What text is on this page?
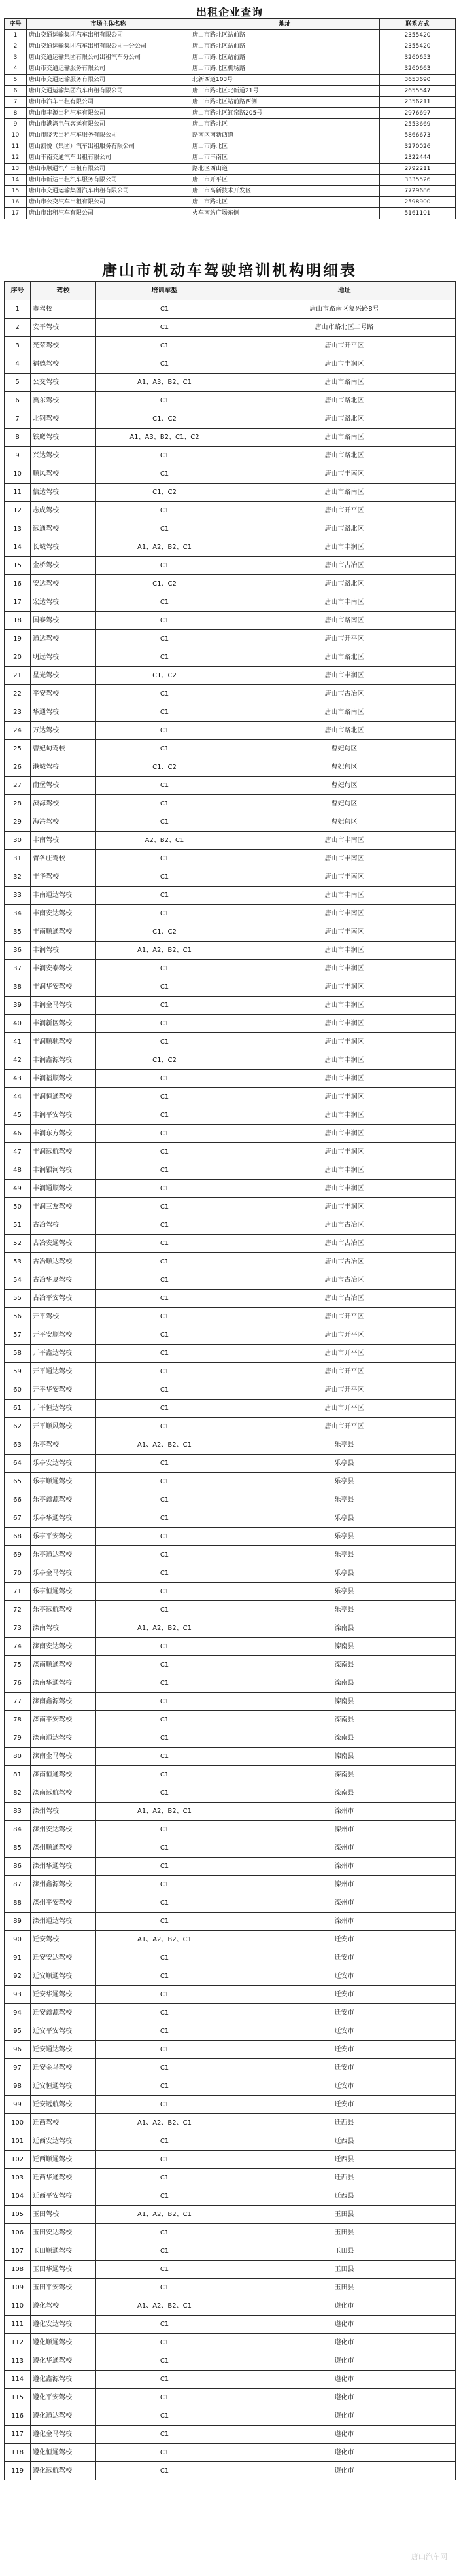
出租企业查询
序号	市场主体名称	地址	联系方式
1	唐山交通运输集团汽车出租有限公司	唐山市路北区站前路	2355420
2	唐山交通运输集团汽车出租有限公司一分公司	唐山市路北区站前路	2355420
3	唐山交通运输集团有限公司出租汽车分公司	唐山市路北区站前路	3260653
4	唐山市交通运输服务有限公司	唐山市路北区机场路	3260663
5	唐山市交通运输服务有限公司	北新西道103号	3653690
6	唐山交通运输集团汽车出租有限公司	唐山市路北区北新道21号	2655547
7	唐山市汽车出租有限公司	唐山市路北区站前路西侧	2356211
8	唐山市丰源出租汽车有限公司	唐山市路北区缸窑路205号	2976697
9	唐山市港湾电气客运有限公司	唐山市路北区	2553669
10	唐山市晓天出租汽车服务有限公司	路南区南新西道	5866673
11	唐山凯悦（集团）汽车出租服务有限公司	唐山市路北区	3270026
12	唐山丰南交通汽车出租有限公司	唐山市丰南区	2322444
13	唐山市顺通汽车出租有限公司	路北区西山道	2792211
14	唐山市新达出租汽车服务有限公司	唐山市开平区	3335526
15	唐山市交通运输集团汽车出租有限公司	唐山市高新技术开发区	7729686
16	唐山市公交汽车出租有限公司	唐山市路北区	2598900
17	唐山市出租汽车有限公司	火车南站广场东侧	5161101
唐山市机动车驾驶培训机构明细表
序号	驾校	培训车型	地址
1	市驾校	C1	唐山市路南区复兴路8号
2	安平驾校	C1	唐山市路北区二号路
3	光荣驾校	C1	唐山市开平区
4	福德驾校	C1	唐山市丰润区
5	公交驾校	A1、A3、B2、C1	唐山市路南区
6	冀东驾校	C1	唐山市路北区
7	北钢驾校	C1、C2	唐山市路北区
8	铁鹰驾校	A1、A3、B2、C1、C2	唐山市路南区
9	兴达驾校	C1	唐山市路北区
10	顺风驾校	C1	唐山市丰南区
11	信达驾校	C1、C2	唐山市路南区
12	志成驾校	C1	唐山市开平区
13	远通驾校	C1	唐山市路北区
14	长城驾校	A1、A2、B2、C1	唐山市丰润区
15	金桥驾校	C1	唐山市古冶区
16	安达驾校	C1、C2	唐山市路北区
17	宏达驾校	C1	唐山市丰南区
18	国泰驾校	C1	唐山市路南区
19	通达驾校	C1	唐山市开平区
20	明远驾校	C1	唐山市路北区
21	星光驾校	C1、C2	唐山市丰润区
22	平安驾校	C1	唐山市古冶区
23	华通驾校	C1	唐山市路南区
24	万达驾校	C1	唐山市路北区
25	曹妃甸驾校	C1	曹妃甸区
26	港城驾校	C1、C2	曹妃甸区
27	南堡驾校	C1	曹妃甸区
28	滨海驾校	C1	曹妃甸区
29	海港驾校	C1	曹妃甸区
30	丰南驾校	A2、B2、C1	唐山市丰南区
31	胥各庄驾校	C1	唐山市丰南区
32	丰华驾校	C1	唐山市丰南区
33	丰南通达驾校	C1	唐山市丰南区
34	丰南安达驾校	C1	唐山市丰南区
35	丰南顺通驾校	C1、C2	唐山市丰南区
36	丰润驾校	A1、A2、B2、C1	唐山市丰润区
37	丰润安泰驾校	C1	唐山市丰润区
38	丰润华安驾校	C1	唐山市丰润区
39	丰润金马驾校	C1	唐山市丰润区
40	丰润新区驾校	C1	唐山市丰润区
41	丰润顺驰驾校	C1	唐山市丰润区
42	丰润鑫源驾校	C1、C2	唐山市丰润区
43	丰润福顺驾校	C1	唐山市丰润区
44	丰润恒通驾校	C1	唐山市丰润区
45	丰润平安驾校	C1	唐山市丰润区
46	丰润东方驾校	C1	唐山市丰润区
47	丰润远航驾校	C1	唐山市丰润区
48	丰润银河驾校	C1	唐山市丰润区
49	丰润通顺驾校	C1	唐山市丰润区
50	丰润三友驾校	C1	唐山市丰润区
51	古冶驾校	C1	唐山市古冶区
52	古冶安通驾校	C1	唐山市古冶区
53	古冶顺达驾校	C1	唐山市古冶区
54	古冶华夏驾校	C1	唐山市古冶区
55	古冶平安驾校	C1	唐山市古冶区
56	开平驾校	C1	唐山市开平区
57	开平安顺驾校	C1	唐山市开平区
58	开平鑫达驾校	C1	唐山市开平区
59	开平通达驾校	C1	唐山市开平区
60	开平华安驾校	C1	唐山市开平区
61	开平恒达驾校	C1	唐山市开平区
62	开平顺风驾校	C1	唐山市开平区
63	乐亭驾校	A1、A2、B2、C1	乐亭县
64	乐亭安达驾校	C1	乐亭县
65	乐亭顺通驾校	C1	乐亭县
66	乐亭鑫源驾校	C1	乐亭县
67	乐亭华通驾校	C1	乐亭县
68	乐亭平安驾校	C1	乐亭县
69	乐亭通达驾校	C1	乐亭县
70	乐亭金马驾校	C1	乐亭县
71	乐亭恒通驾校	C1	乐亭县
72	乐亭远航驾校	C1	乐亭县
73	滦南驾校	A1、A2、B2、C1	滦南县
74	滦南安达驾校	C1	滦南县
75	滦南顺通驾校	C1	滦南县
76	滦南华通驾校	C1	滦南县
77	滦南鑫源驾校	C1	滦南县
78	滦南平安驾校	C1	滦南县
79	滦南通达驾校	C1	滦南县
80	滦南金马驾校	C1	滦南县
81	滦南恒通驾校	C1	滦南县
82	滦南远航驾校	C1	滦南县
83	滦州驾校	A1、A2、B2、C1	滦州市
84	滦州安达驾校	C1	滦州市
85	滦州顺通驾校	C1	滦州市
86	滦州华通驾校	C1	滦州市
87	滦州鑫源驾校	C1	滦州市
88	滦州平安驾校	C1	滦州市
89	滦州通达驾校	C1	滦州市
90	迁安驾校	A1、A2、B2、C1	迁安市
91	迁安安达驾校	C1	迁安市
92	迁安顺通驾校	C1	迁安市
93	迁安华通驾校	C1	迁安市
94	迁安鑫源驾校	C1	迁安市
95	迁安平安驾校	C1	迁安市
96	迁安通达驾校	C1	迁安市
97	迁安金马驾校	C1	迁安市
98	迁安恒通驾校	C1	迁安市
99	迁安远航驾校	C1	迁安市
100	迁西驾校	A1、A2、B2、C1	迁西县
101	迁西安达驾校	C1	迁西县
102	迁西顺通驾校	C1	迁西县
103	迁西华通驾校	C1	迁西县
104	迁西平安驾校	C1	迁西县
105	玉田驾校	A1、A2、B2、C1	玉田县
106	玉田安达驾校	C1	玉田县
107	玉田顺通驾校	C1	玉田县
108	玉田华通驾校	C1	玉田县
109	玉田平安驾校	C1	玉田县
110	遵化驾校	A1、A2、B2、C1	遵化市
111	遵化安达驾校	C1	遵化市
112	遵化顺通驾校	C1	遵化市
113	遵化华通驾校	C1	遵化市
114	遵化鑫源驾校	C1	遵化市
115	遵化平安驾校	C1	遵化市
116	遵化通达驾校	C1	遵化市
117	遵化金马驾校	C1	遵化市
118	遵化恒通驾校	C1	遵化市
119	遵化远航驾校	C1	遵化市
唐山汽车网
